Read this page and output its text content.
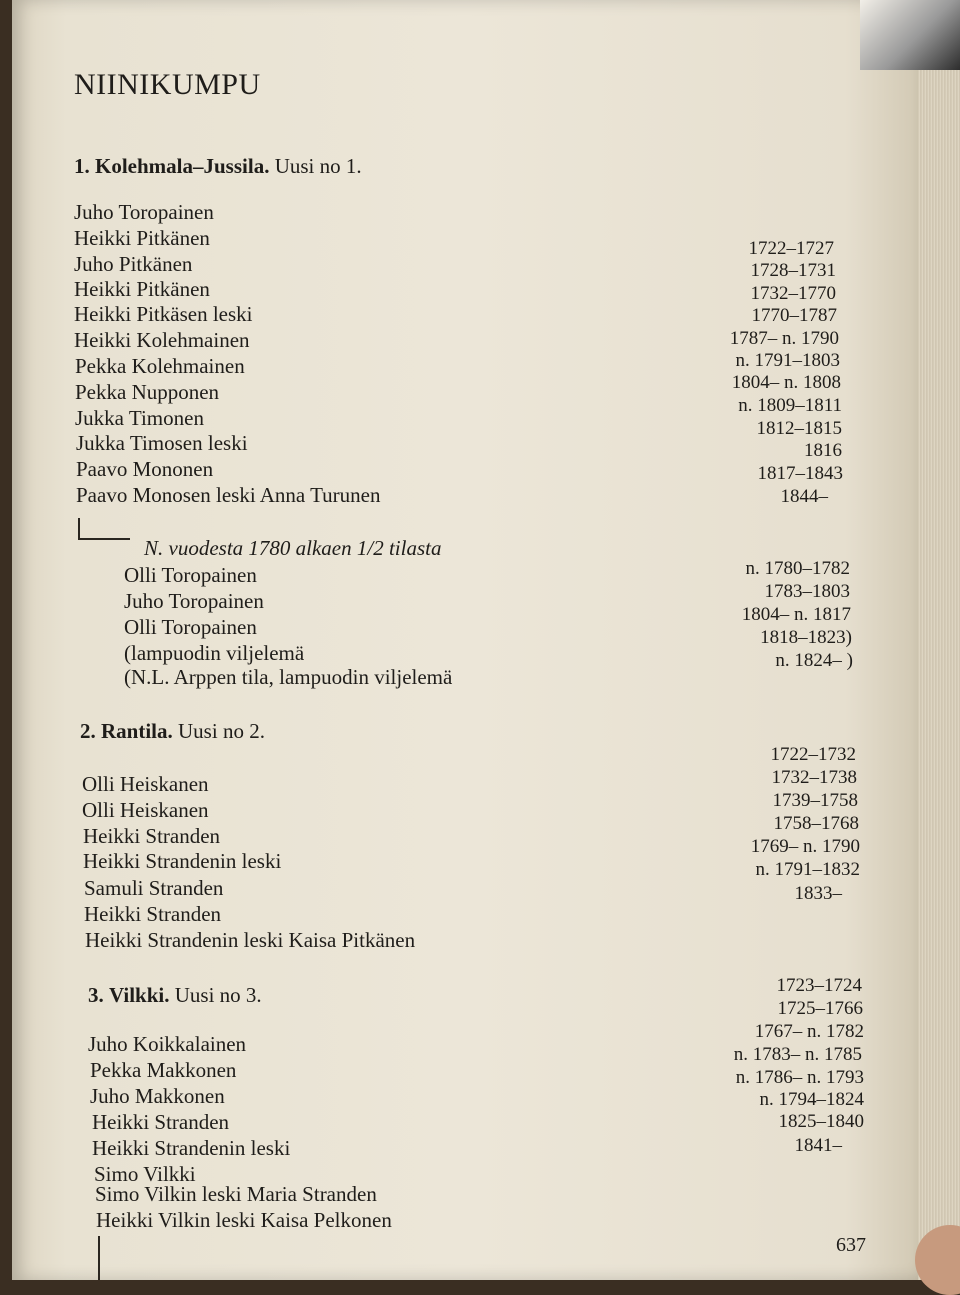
NIINIKUMPU
1. Kolehmala–Jussila. Uusi no 1.
Juho Toropainen
Heikki Pitkänen
Juho Pitkänen
Heikki Pitkänen
Heikki Pitkäsen leski
Heikki Kolehmainen
Pekka Kolehmainen
Pekka Nupponen
Jukka Timonen
Jukka Timosen leski
Paavo Mononen
Paavo Monosen leski Anna Turunen
1722–1727
1728–1731
1732–1770
1770–1787
1787– n. 1790
n. 1791–1803
1804– n. 1808
n. 1809–1811
1812–1815
1816
1817–1843
1844–
N. vuodesta 1780 alkaen 1/2 tilasta
Olli Toropainen
Juho Toropainen
Olli Toropainen
(lampuodin viljelemä
(N.L. Arppen tila, lampuodin viljelemä
n. 1780–1782
1783–1803
1804– n. 1817
1818–1823)
n. 1824– )
2. Rantila. Uusi no 2.
Olli Heiskanen
Olli Heiskanen
Heikki Stranden
Heikki Strandenin leski
Samuli Stranden
Heikki Stranden
Heikki Strandenin leski Kaisa Pitkänen
1722–1732
1732–1738
1739–1758
1758–1768
1769– n. 1790
n. 1791–1832
1833–
3. Vilkki. Uusi no 3.
Juho Koikkalainen
Pekka Makkonen
Juho Makkonen
Heikki Stranden
Heikki Strandenin leski
Simo Vilkki
Simo Vilkin leski Maria Stranden
Heikki Vilkin leski Kaisa Pelkonen
1723–1724
1725–1766
1767– n. 1782
n. 1783– n. 1785
n. 1786– n. 1793
n. 1794–1824
1825–1840
1841–
637
